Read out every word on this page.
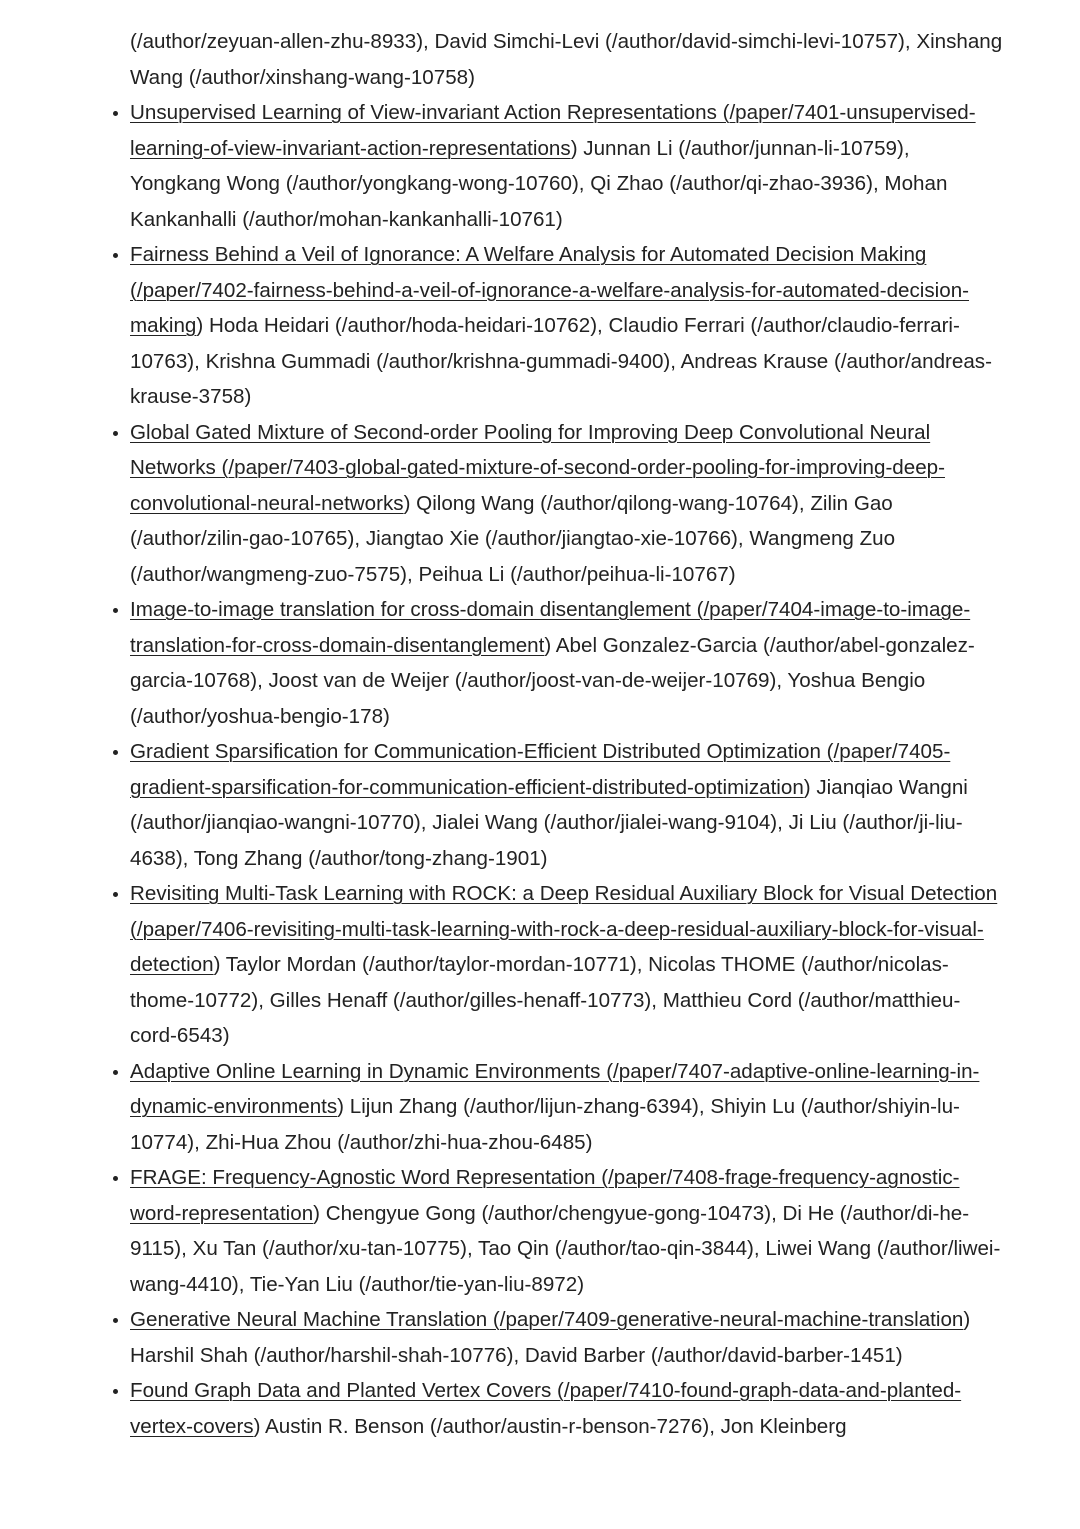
(/author/zeyuan-allen-zhu-8933), David Simchi-Levi (/author/david-simchi-levi-10757), Xinshang Wang (/author/xinshang-wang-10758)
• Unsupervised Learning of View-invariant Action Representations (/paper/7401-unsupervised-learning-of-view-invariant-action-representations) Junnan Li (/author/junnan-li-10759), Yongkang Wong (/author/yongkang-wong-10760), Qi Zhao (/author/qi-zhao-3936), Mohan Kankanhalli (/author/mohan-kankanhalli-10761)
• Fairness Behind a Veil of Ignorance: A Welfare Analysis for Automated Decision Making (/paper/7402-fairness-behind-a-veil-of-ignorance-a-welfare-analysis-for-automated-decision-making) Hoda Heidari (/author/hoda-heidari-10762), Claudio Ferrari (/author/claudio-ferrari-10763), Krishna Gummadi (/author/krishna-gummadi-9400), Andreas Krause (/author/andreas-krause-3758)
• Global Gated Mixture of Second-order Pooling for Improving Deep Convolutional Neural Networks (/paper/7403-global-gated-mixture-of-second-order-pooling-for-improving-deep-convolutional-neural-networks) Qilong Wang (/author/qilong-wang-10764), Zilin Gao (/author/zilin-gao-10765), Jiangtao Xie (/author/jiangtao-xie-10766), Wangmeng Zuo (/author/wangmeng-zuo-7575), Peihua Li (/author/peihua-li-10767)
• Image-to-image translation for cross-domain disentanglement (/paper/7404-image-to-image-translation-for-cross-domain-disentanglement) Abel Gonzalez-Garcia (/author/abel-gonzalez-garcia-10768), Joost van de Weijer (/author/joost-van-de-weijer-10769), Yoshua Bengio (/author/yoshua-bengio-178)
• Gradient Sparsification for Communication-Efficient Distributed Optimization (/paper/7405-gradient-sparsification-for-communication-efficient-distributed-optimization) Jianqiao Wangni (/author/jianqiao-wangni-10770), Jialei Wang (/author/jialei-wang-9104), Ji Liu (/author/ji-liu-4638), Tong Zhang (/author/tong-zhang-1901)
• Revisiting Multi-Task Learning with ROCK: a Deep Residual Auxiliary Block for Visual Detection (/paper/7406-revisiting-multi-task-learning-with-rock-a-deep-residual-auxiliary-block-for-visual-detection) Taylor Mordan (/author/taylor-mordan-10771), Nicolas THOME (/author/nicolas-thome-10772), Gilles Henaff (/author/gilles-henaff-10773), Matthieu Cord (/author/matthieu-cord-6543)
• Adaptive Online Learning in Dynamic Environments (/paper/7407-adaptive-online-learning-in-dynamic-environments) Lijun Zhang (/author/lijun-zhang-6394), Shiyin Lu (/author/shiyin-lu-10774), Zhi-Hua Zhou (/author/zhi-hua-zhou-6485)
• FRAGE: Frequency-Agnostic Word Representation (/paper/7408-frage-frequency-agnostic-word-representation) Chengyue Gong (/author/chengyue-gong-10473), Di He (/author/di-he-9115), Xu Tan (/author/xu-tan-10775), Tao Qin (/author/tao-qin-3844), Liwei Wang (/author/liwei-wang-4410), Tie-Yan Liu (/author/tie-yan-liu-8972)
• Generative Neural Machine Translation (/paper/7409-generative-neural-machine-translation) Harshil Shah (/author/harshil-shah-10776), David Barber (/author/david-barber-1451)
• Found Graph Data and Planted Vertex Covers (/paper/7410-found-graph-data-and-planted-vertex-covers) Austin R. Benson (/author/austin-r-benson-7276), Jon Kleinberg
